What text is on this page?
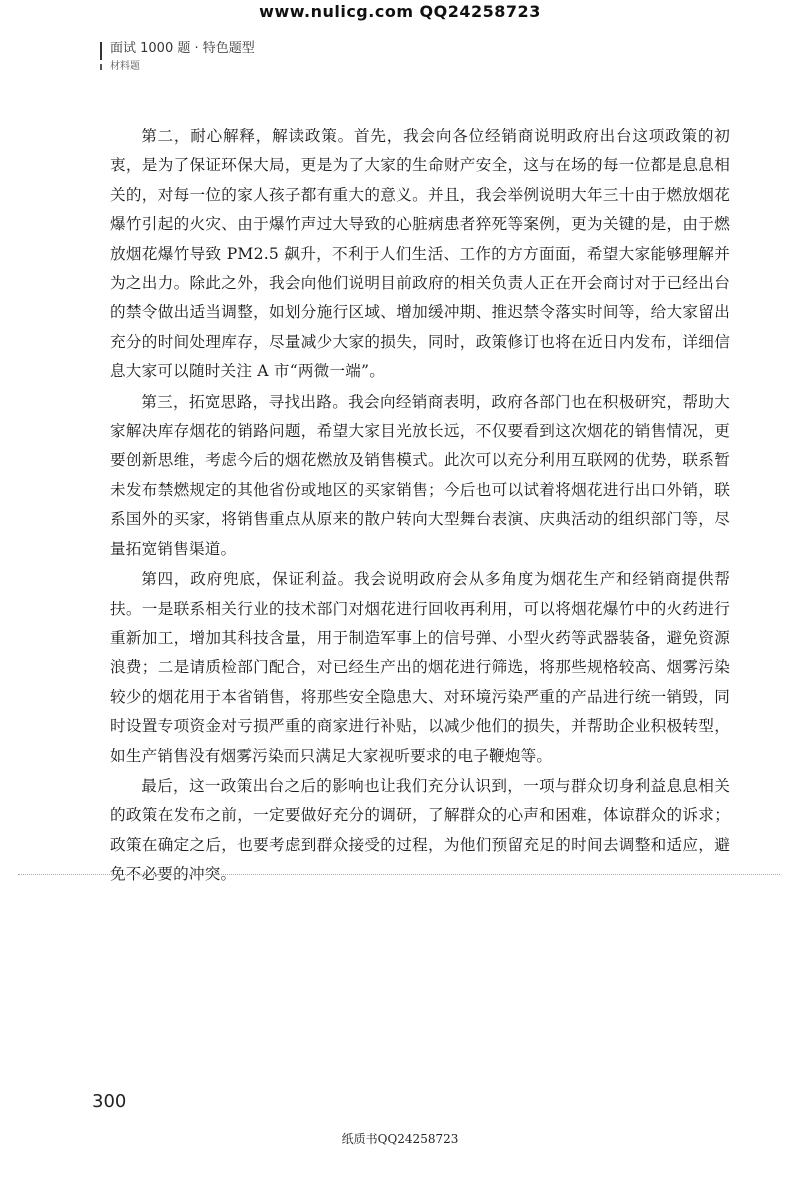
www.nulicg.com QQ24258723
面试 1000 题 · 特色题型
材料题

第二，耐心解释，解读政策。首先，我会向各位经销商说明政府出台这项政策的初衷，是为了保证环保大局，更是为了大家的生命财产安全，这与在场的每一位都是息息相关的，对每一位的家人孩子都有重大的意义。并且，我会举例说明大年三十由于燃放烟花爆竹引起的火灾、由于爆竹声过大导致的心脏病患者猝死等案例，更为关键的是，由于燃放烟花爆竹导致 PM2.5 飙升，不利于人们生活、工作的方方面面，希望大家能够理解并为之出力。除此之外，我会向他们说明目前政府的相关负责人正在开会商讨对于已经出台的禁令做出适当调整，如划分施行区域、增加缓冲期、推迟禁令落实时间等，给大家留出充分的时间处理库存，尽量减少大家的损失，同时，政策修订也将在近日内发布，详细信息大家可以随时关注 A 市“两微一端”。

第三，拓宽思路，寻找出路。我会向经销商表明，政府各部门也在积极研究，帮助大家解决库存烟花的销路问题，希望大家目光放长远，不仅要看到这次烟花的销售情况，更要创新思维，考虑今后的烟花燃放及销售模式。此次可以充分利用互联网的优势，联系暂未发布禁燃规定的其他省份或地区的买家销售；今后也可以试着将烟花进行出口外销，联系国外的买家，将销售重点从原来的散户转向大型舞台表演、庆典活动的组织部门等，尽量拓宽销售渠道。

第四，政府兜底，保证利益。我会说明政府会从多角度为烟花生产和经销商提供帮扶。一是联系相关行业的技术部门对烟花进行回收再利用，可以将烟花爆竹中的火药进行重新加工，增加其科技含量，用于制造军事上的信号弹、小型火药等武器装备，避免资源浪费；二是请质检部门配合，对已经生产出的烟花进行筛选，将那些规格较高、烟雾污染较少的烟花用于本省销售，将那些安全隐患大、对环境污染严重的产品进行统一销毁，同时设置专项资金对亏损严重的商家进行补贴，以减少他们的损失，并帮助企业积极转型，如生产销售没有烟雾污染而只满足大家视听要求的电子鞭炮等。

最后，这一政策出台之后的影响也让我们充分认识到，一项与群众切身利益息息相关的政策在发布之前，一定要做好充分的调研，了解群众的心声和困难，体谅群众的诉求；政策在确定之后，也要考虑到群众接受的过程，为他们预留充足的时间去调整和适应，避免不必要的冲突。

300
纸质书QQ24258723
